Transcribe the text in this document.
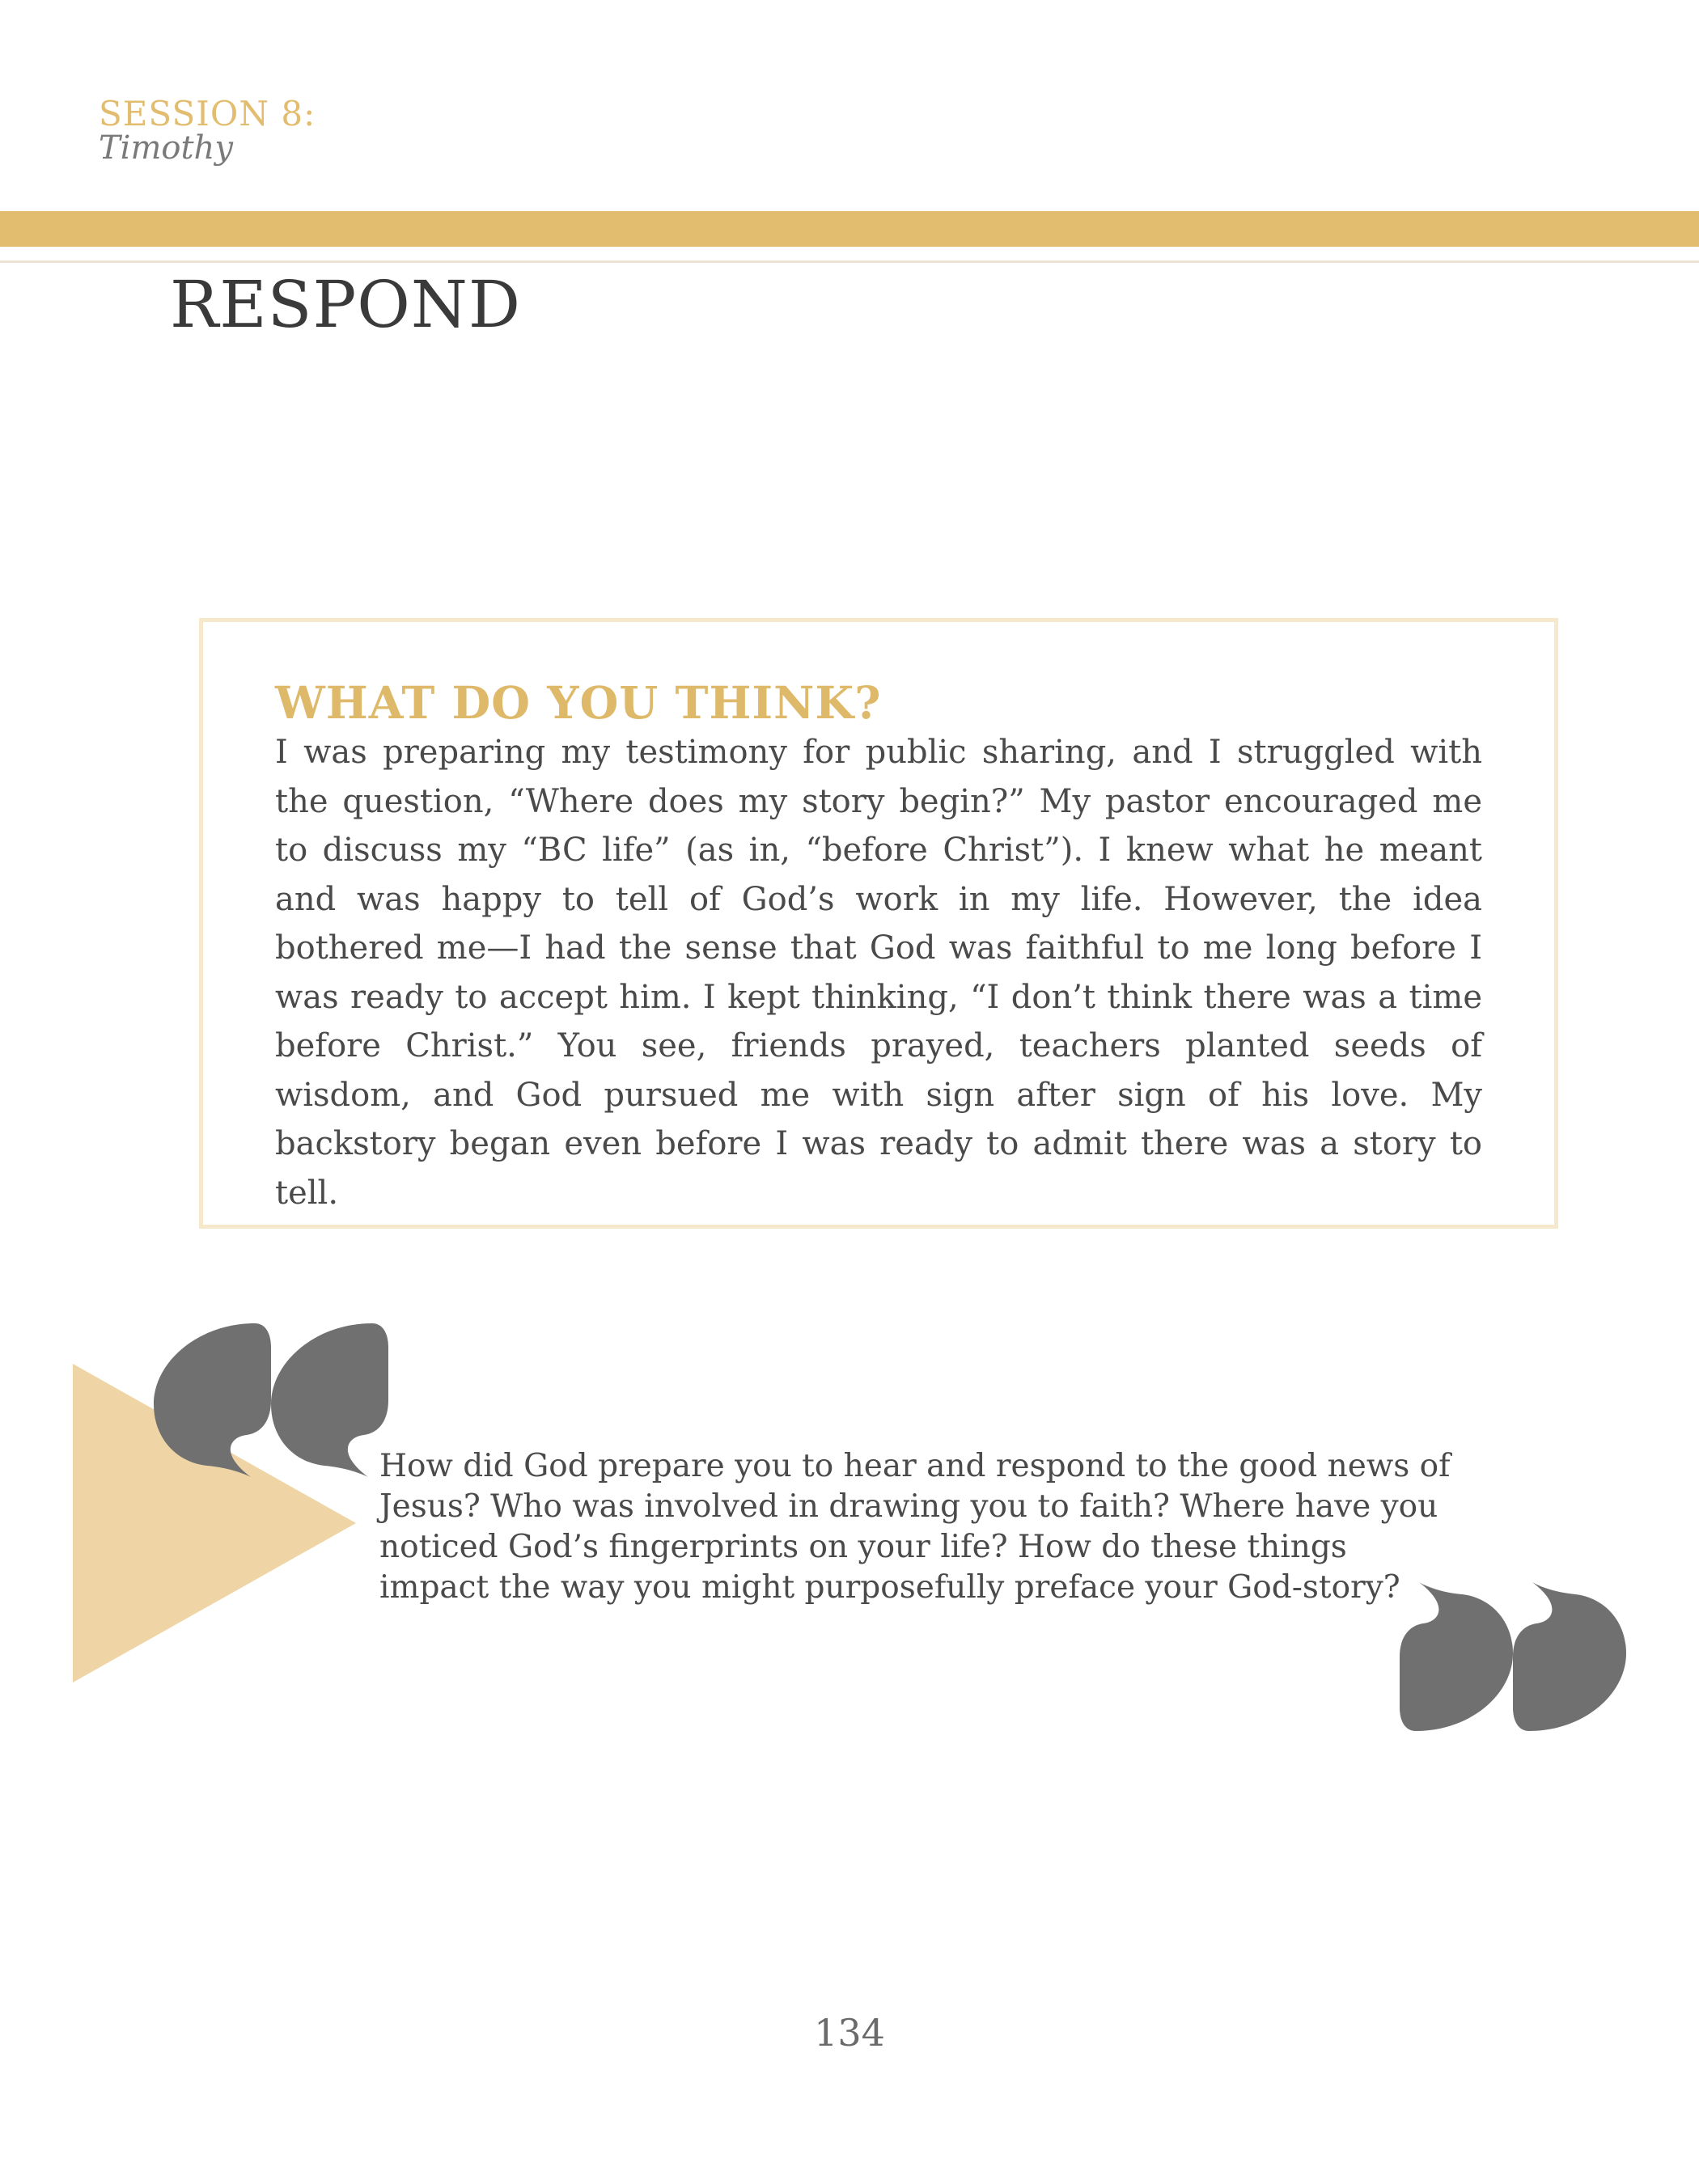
SESSION 8:
Timothy
RESPOND
WHAT DO YOU THINK?
I was preparing my testimony for public sharing, and I struggled with the question, “Where does my story begin?” My pastor encouraged me to discuss my “BC life” (as in, “before Christ”). I knew what he meant and was happy to tell of God’s work in my life. However, the idea bothered me—I had the sense that God was faithful to me long before I was ready to accept him. I kept thinking, “I don’t think there was a time before Christ.” You see, friends prayed, teachers planted seeds of wisdom, and God pursued me with sign after sign of his love. My backstory began even before I was ready to admit there was a story to tell.
How did God prepare you to hear and respond to the good news of Jesus? Who was involved in drawing you to faith? Where have you noticed God’s fingerprints on your life? How do these things impact the way you might purposefully preface your God-story?
134
